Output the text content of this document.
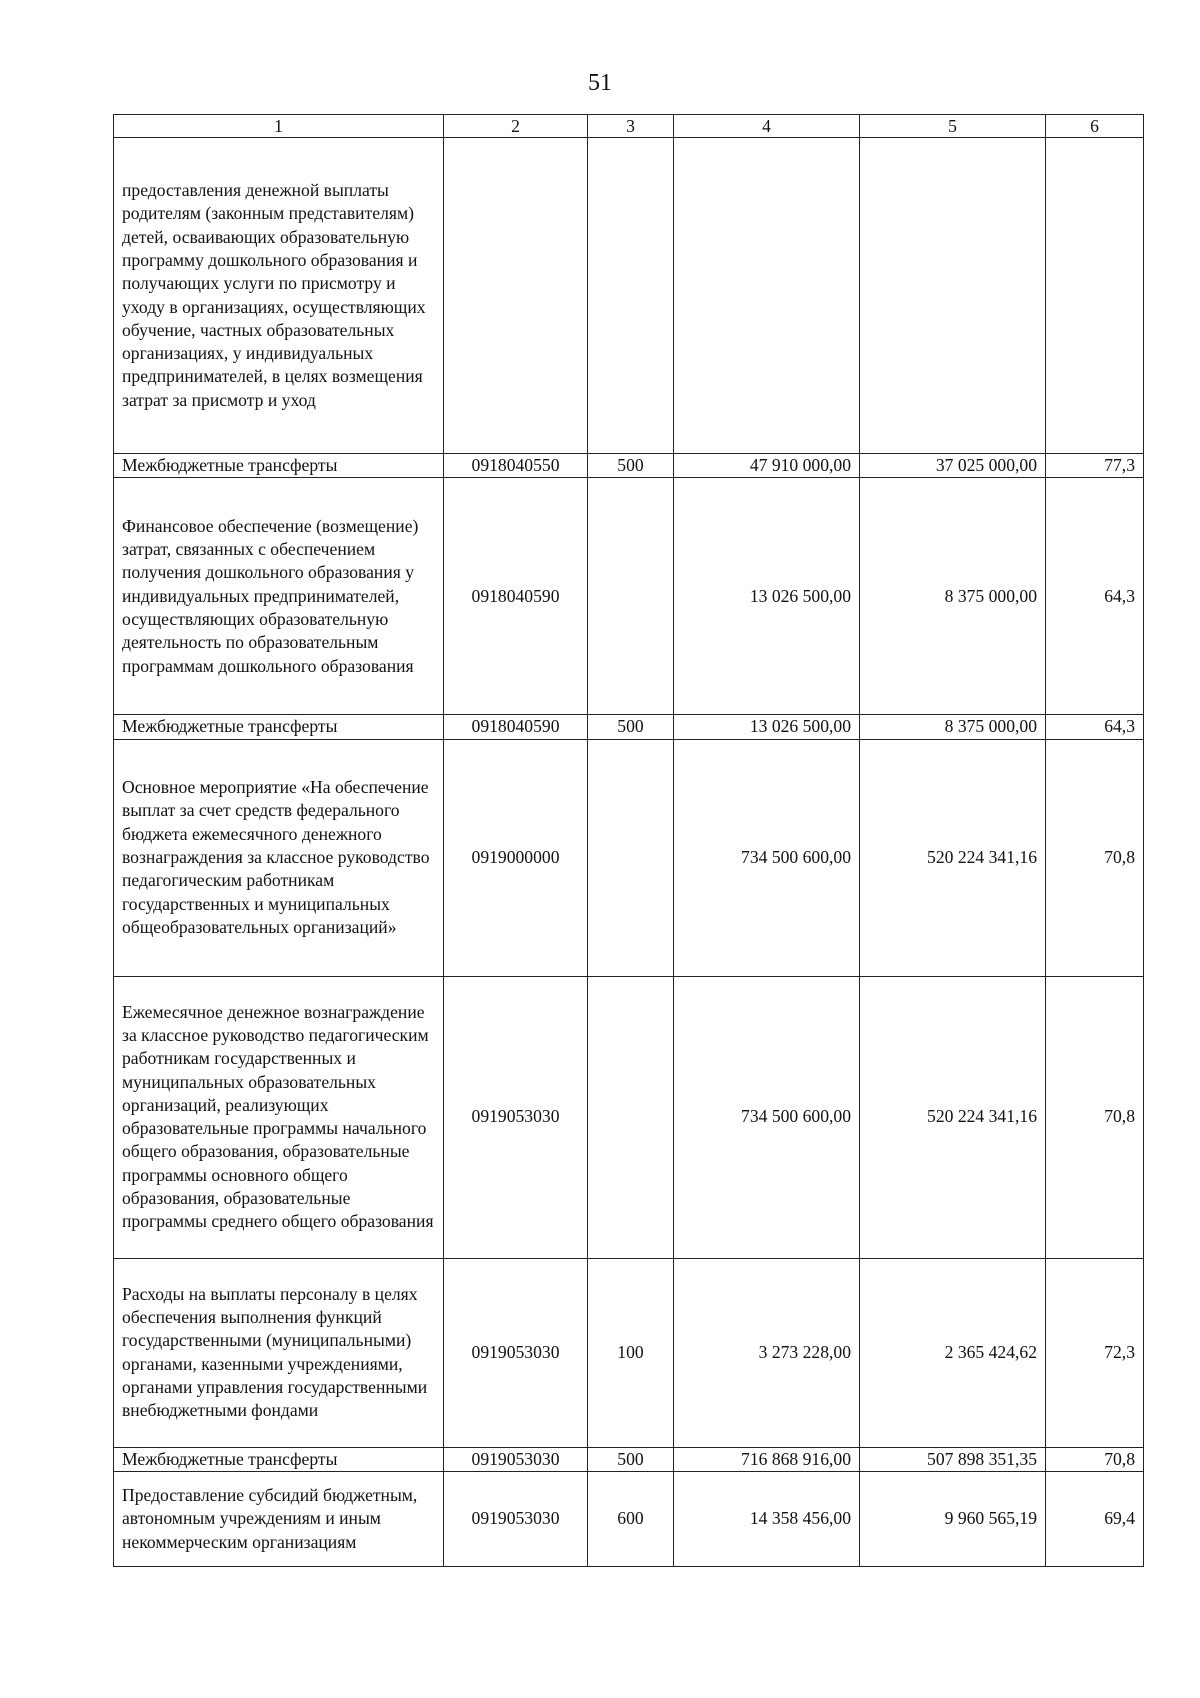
51
1	2	3	4	5	6
предоставления денежной выплаты родителям (законным представителям) детей, осваивающих образовательную программу дошкольного образования и получающих услуги по присмотру и уходу в организациях, осуществляющих обучение, частных образовательных организациях, у индивидуальных предпринимателей, в целях возмещения затрат за присмотр и уход					
Межбюджетные трансферты	0918040550	500	47 910 000,00	37 025 000,00	77,3
Финансовое обеспечение (возмещение) затрат, связанных с обеспечением получения дошкольного образования у индивидуальных предпринимателей, осуществляющих образовательную деятельность по образовательным программам дошкольного образования	0918040590		13 026 500,00	8 375 000,00	64,3
Межбюджетные трансферты	0918040590	500	13 026 500,00	8 375 000,00	64,3
Основное мероприятие «На обеспечение выплат за счет средств федерального бюджета ежемесячного денежного вознаграждения за классное руководство педагогическим работникам государственных и муниципальных общеобразовательных организаций»	0919000000		734 500 600,00	520 224 341,16	70,8
Ежемесячное денежное вознаграждение за классное руководство педагогическим работникам государственных и муниципальных образовательных организаций, реализующих образовательные программы начального общего образования, образовательные программы основного общего образования, образовательные программы среднего общего образования	0919053030		734 500 600,00	520 224 341,16	70,8
Расходы на выплаты персоналу в целях обеспечения выполнения функций государственными (муниципальными) органами, казенными учреждениями, органами управления государственными внебюджетными фондами	0919053030	100	3 273 228,00	2 365 424,62	72,3
Межбюджетные трансферты	0919053030	500	716 868 916,00	507 898 351,35	70,8
Предоставление субсидий бюджетным, автономным учреждениям и иным некоммерческим организациям	0919053030	600	14 358 456,00	9 960 565,19	69,4
